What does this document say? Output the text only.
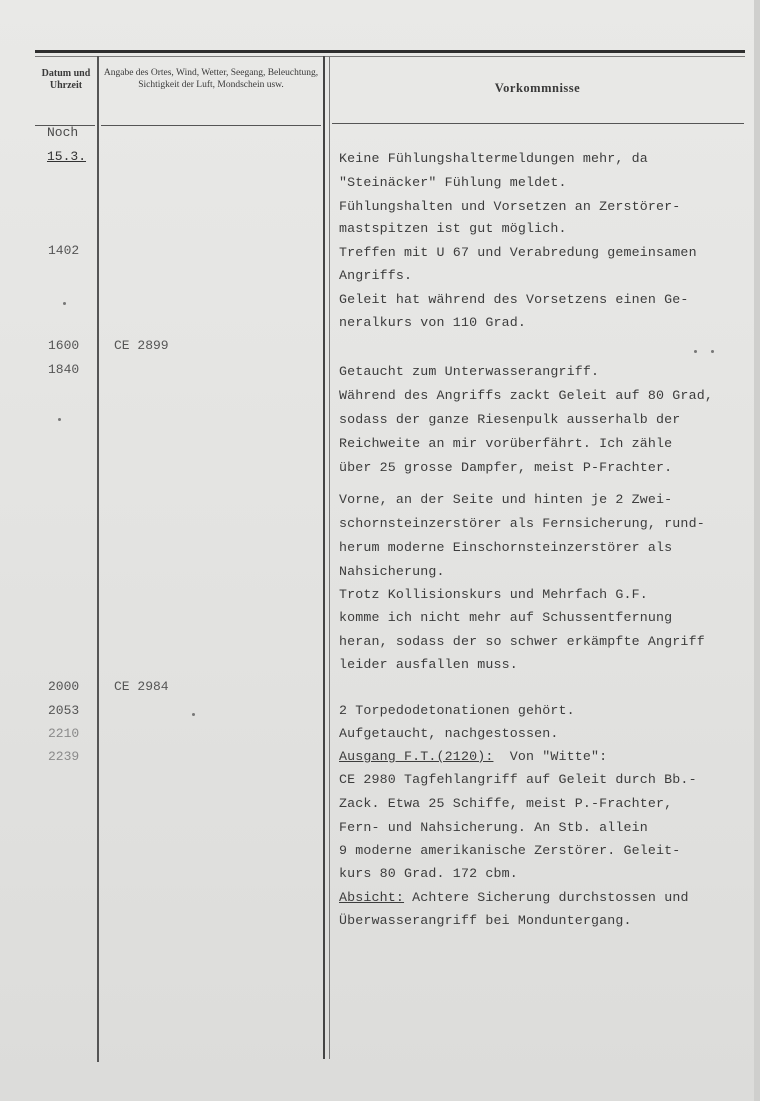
Datum und Uhrzeit
Angabe des Ortes, Wind, Wetter, Seegang, Beleuchtung, Sichtigkeit der Luft, Mondschein usw.	Vorkommnisse
Noch
15.3.
1402
1600
1840
2000
2053
2210
2239
CE 2899
CE 2984
Keine Fühlungshaltermeldungen mehr, da
"Steinäcker" Fühlung meldet.
Fühlungshalten und Vorsetzen an Zerstörer-
mastspitzen ist gut möglich.
Treffen mit U 67 und Verabredung gemeinsamen
Angriffs.
Geleit hat während des Vorsetzens einen Ge-
neralkurs von 110 Grad.
Getaucht zum Unterwasserangriff.
Während des Angriffs zackt Geleit auf 80 Grad,
sodass der ganze Riesenpulk ausserhalb der
Reichweite an mir vorüberfährt. Ich zähle
über 25 grosse Dampfer, meist P-Frachter.
Vorne, an der Seite und hinten je 2 Zwei-
schornsteinzerstörer als Fernsicherung, rund-
herum moderne Einschornsteinzerstörer als
Nahsicherung.
Trotz Kollisionskurs und Mehrfach G.F.
komme ich nicht mehr auf Schussentfernung
heran, sodass der so schwer erkämpfte Angriff
leider ausfallen muss.
2 Torpedodetonationen gehört.
Aufgetaucht, nachgestossen.
Ausgang F.T.(2120):  Von "Witte":
CE 2980 Tagfehlangriff auf Geleit durch Bb.-
Zack. Etwa 25 Schiffe, meist P.-Frachter,
Fern- und Nahsicherung. An Stb. allein
9 moderne amerikanische Zerstörer. Geleit-
kurs 80 Grad. 172 cbm.
Absicht: Achtere Sicherung durchstossen und
Überwasserangriff bei Monduntergang.
